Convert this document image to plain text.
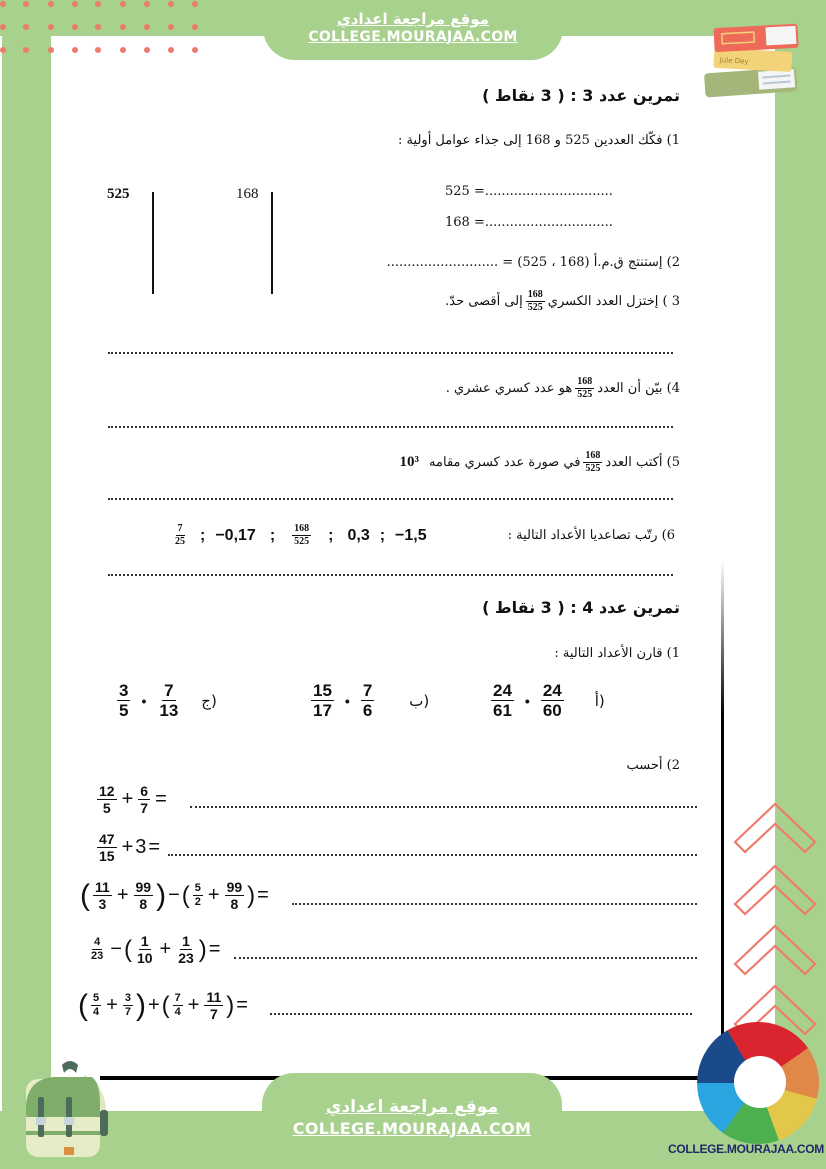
موقع مراجعة اعدادي
COLLEGE.MOURAJAA.COM
Jule Dey
تمرين عدد 3 : ( 3 نقاط )
1) فكّك العددين 525 و 168 إلى جذاء عوامل أولية :
525	168	525 =...............................
168 =...............................
2) إستنتج ق.م.أ (168 ، 525) = ...........................
3 ) إختزل العدد الكسري
$\frac{168}{525}$
إلى أقصى حدّ.
4) بيّن أن العدد
$\frac{168}{525}$
هو عدد كسري عشري .
5) أكتب العدد
$\frac{168}{525}$
في صورة عدد كسري مقامه
10³
$\frac{7}{25}$ ; −0,17 ; $\frac{168}{525}$ ; 0,3 ; −1,5	6) رتّب تصاعديا الأعداد التالية :
تمرين عدد 4 : ( 3 نقاط )
1) قارن الأعداد التالية :
$\frac{24}{61}$ • $\frac{24}{60}$ أ)
$\frac{15}{17}$ • $\frac{7}{6}$ ب)
$\frac{3}{5}$ • $\frac{7}{13}$ ج)
2) أحسب
$\frac{12}{5} + \frac{6}{7}$ =
$\frac{47}{15} + 3$ =
( $\frac{11}{3} + \frac{99}{8}$ ) − ( $\frac{5}{2} + \frac{99}{8}$ ) =
$\frac{4}{23}$ − ( $\frac{1}{10} + \frac{1}{23}$ ) =
( $\frac{5}{4} + \frac{3}{7}$ ) + ( $\frac{7}{4} + \frac{11}{7}$ ) =
موقع مراجعة اعدادي
COLLEGE.MOURAJAA.COM
COLLEGE.MOURAJAA.COM
